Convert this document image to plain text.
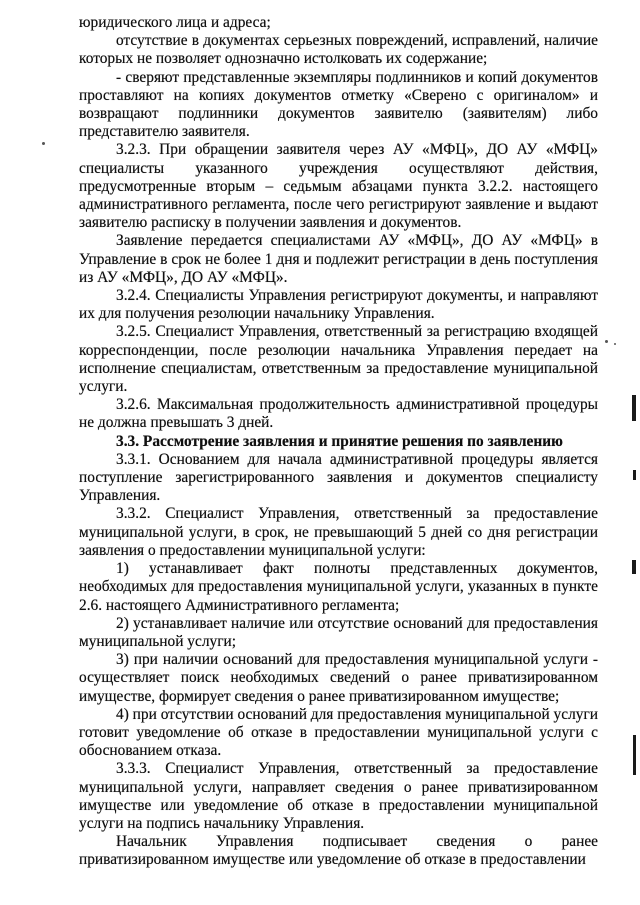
юридического лица и адреса;

отсутствие в документах серьезных повреждений, исправлений, наличие которых не позволяет однозначно истолковать их содержание;

- сверяют представленные экземпляры подлинников и копий документов проставляют на копиях документов отметку «Сверено с оригиналом» и возвращают подлинники документов заявителю (заявителям) либо представителю заявителя.

3.2.3. При обращении заявителя через АУ «МФЦ», ДО АУ «МФЦ» специалисты указанного учреждения осуществляют действия, предусмотренные вторым – седьмым абзацами пункта 3.2.2. настоящего административного регламента, после чего регистрируют заявление и выдают заявителю расписку в получении заявления и документов.

Заявление передается специалистами АУ «МФЦ», ДО АУ «МФЦ» в Управление в срок не более 1 дня и подлежит регистрации в день поступления из АУ «МФЦ», ДО АУ «МФЦ».

3.2.4. Специалисты Управления регистрируют документы, и направляют их для получения резолюции начальнику Управления.

3.2.5. Специалист Управления, ответственный за регистрацию входящей корреспонденции, после резолюции начальника Управления передает на исполнение специалистам, ответственным за предоставление муниципальной услуги.

3.2.6. Максимальная продолжительность административной процедуры не должна превышать 3 дней.

3.3. Рассмотрение заявления и принятие решения по заявлению

3.3.1. Основанием для начала административной процедуры является поступление зарегистрированного заявления и документов специалисту Управления.

3.3.2. Специалист Управления, ответственный за предоставление муниципальной услуги, в срок, не превышающий 5 дней со дня регистрации заявления о предоставлении муниципальной услуги:

1) устанавливает факт полноты представленных документов, необходимых для предоставления муниципальной услуги, указанных в пункте 2.6. настоящего Административного регламента;

2) устанавливает наличие или отсутствие оснований для предоставления муниципальной услуги;

3) при наличии оснований для предоставления муниципальной услуги - осуществляет поиск необходимых сведений о ранее приватизированном имуществе, формирует сведения о ранее приватизированном имуществе;

4) при отсутствии оснований для предоставления муниципальной услуги готовит уведомление об отказе в предоставлении муниципальной услуги с обоснованием отказа.

3.3.3. Специалист Управления, ответственный за предоставление муниципальной услуги, направляет сведения о ранее приватизированном имуществе или уведомление об отказе в предоставлении муниципальной услуги на подпись начальнику Управления.

Начальник Управления подписывает сведения о ранее приватизированном имуществе или уведомление об отказе в предоставлении
